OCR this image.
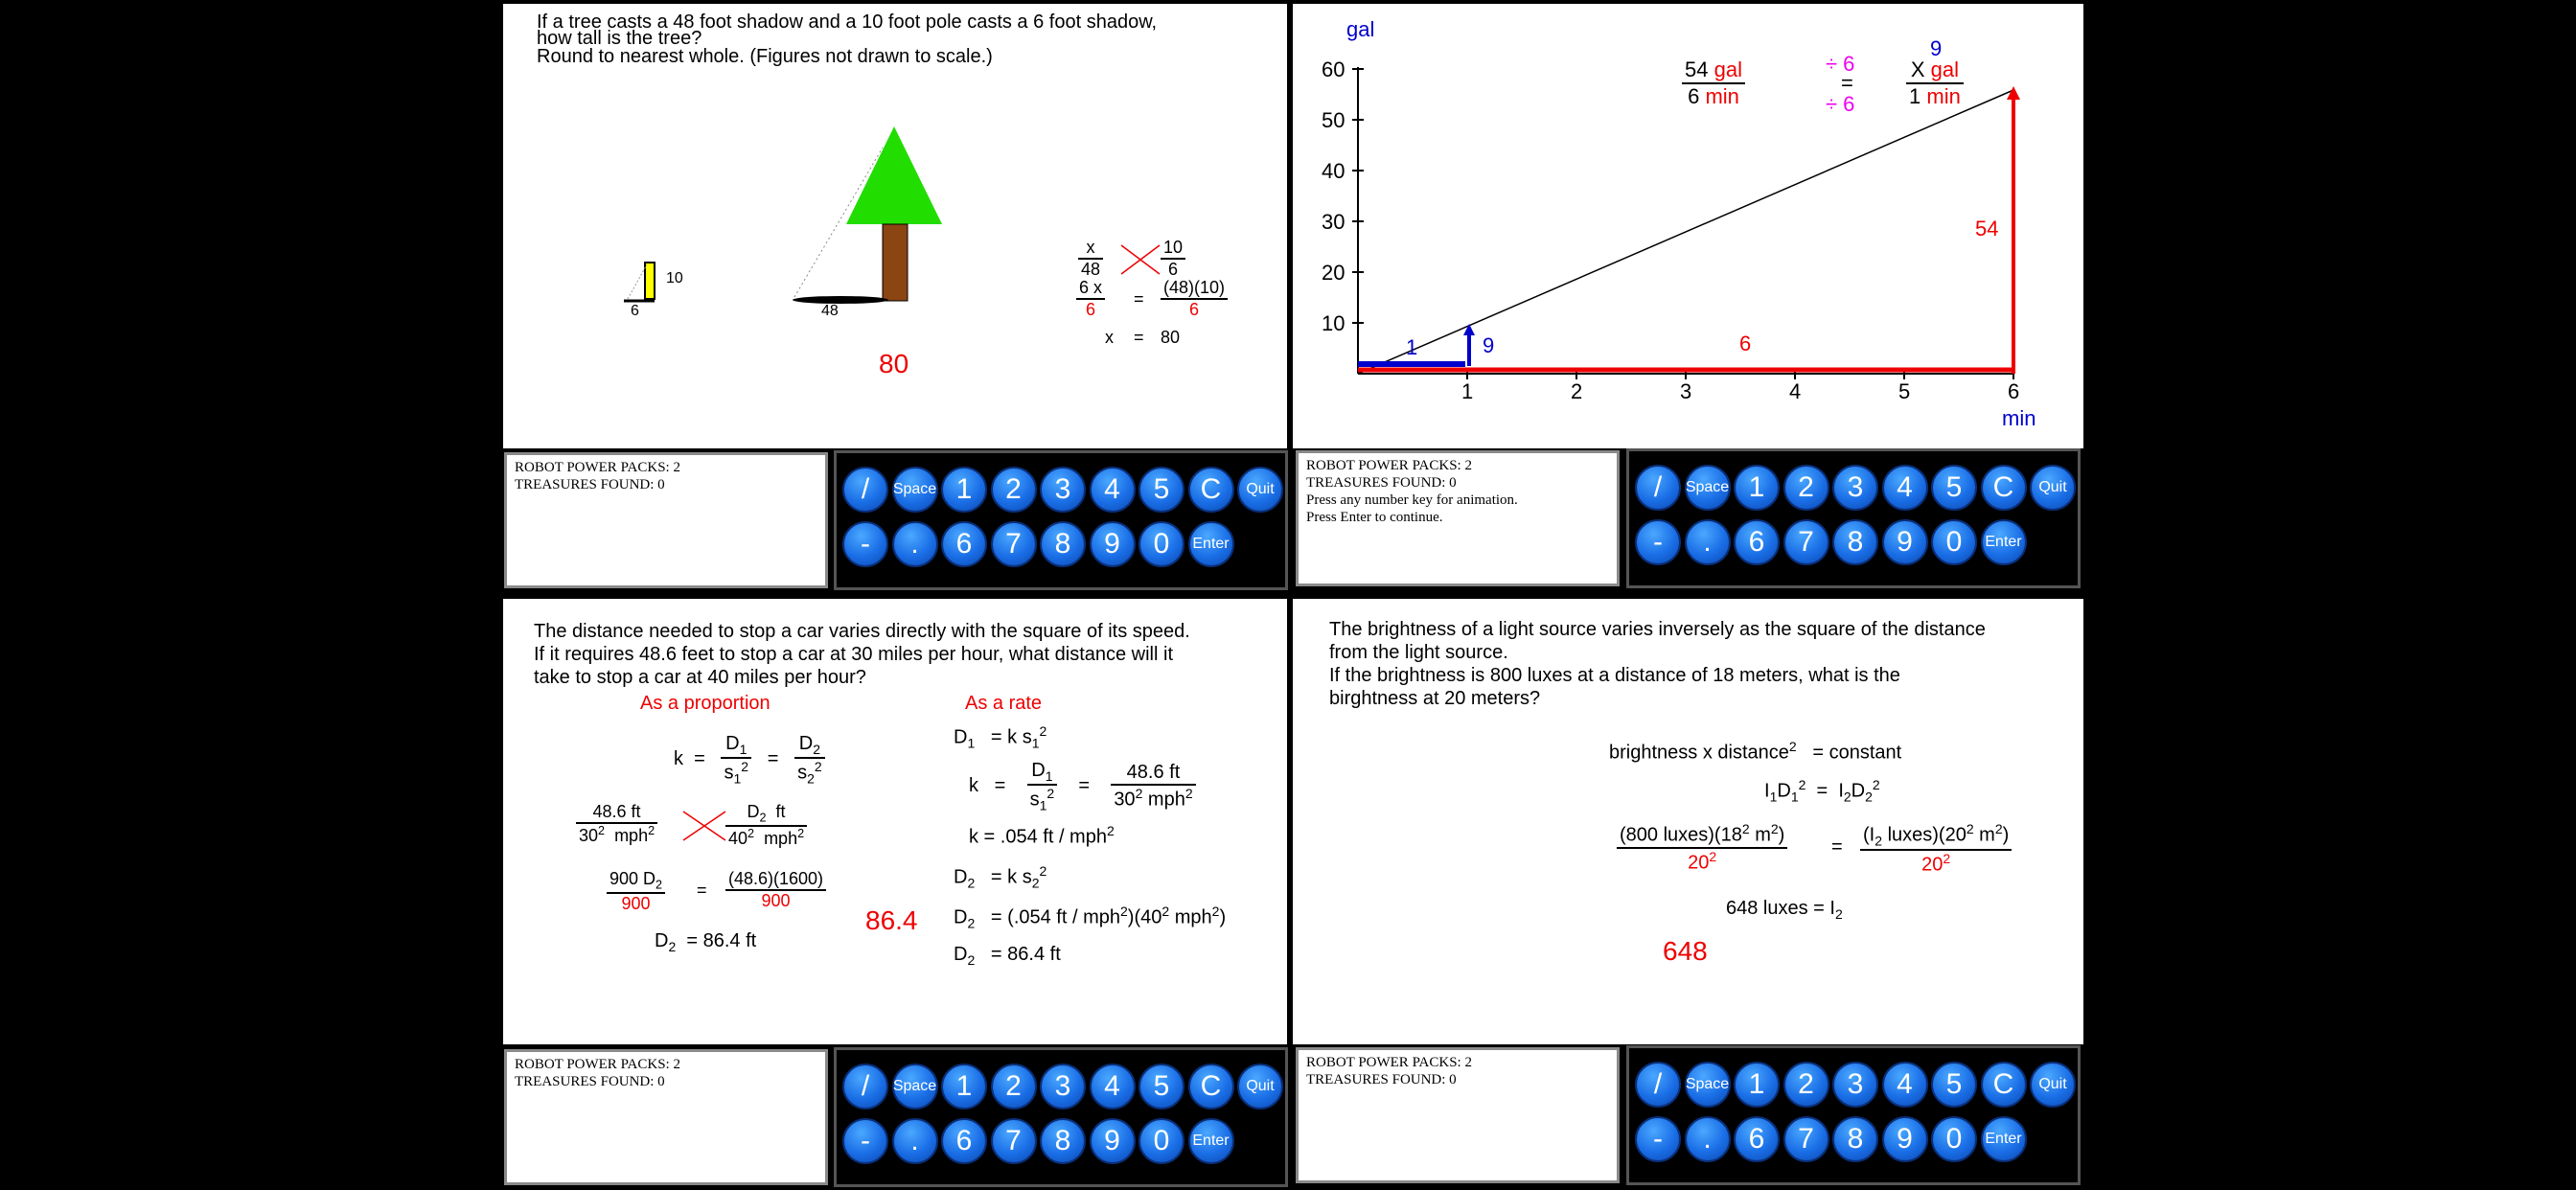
If a tree casts a 48 foot shadow and a 10 foot pole casts a 6 foot shadow,
how tall is the tree?
Round to nearest whole. (Figures not drawn to scale.)
10
6	48
$\frac{x}{48}$	$\frac{10}{6}$
$\frac{6 x}{6} = \frac{(48)(10)}{6}$
x = 80
80
gal
60
50
40
30
20
10
1	2	3	4	5	6
min
$\frac{\text{54 gal}}{6 \min}$	÷ 6
=
÷ 6
9
$\frac{\text{X gal}}{1 \min}$
54
6
1	9
The distance needed to stop a car varies directly with the square of its speed.
If it requires 48.6 feet to stop a car at 30 miles per hour, what distance will it
take to stop a car at 40 miles per hour?
As a proportion	As a rate
$k = \frac{D_1}{s_1^2} = \frac{D_2}{s_2^2}$
$\frac{48.6 ft}{30^2 mph^2}$	$\frac{D_2 ft}{40^2 mph^2}$
$\frac{900 D_2}{900} = \frac{(48.6)(1600)}{900}$
$D_2 = 86.4$ ft
86.4
$D_1 = k$ $s_1^2$
$k = \frac{D_1}{s_1^2} = \frac{48.6 ft}{30^2 mph^2}$
k = .054 ft / mph$^2$
$D_2 = k$ $s_2^2$
$D_2 = (.054$ ft / $mph^2)(40^2$ mph$^2$)
$D_2 = 86.4$ ft
The brightness of a light source varies inversely as the square of the distance
from the light source.
If the brightness is 800 luxes at a distance of 18 meters, what is the
birghtness at 20 meters?
brightness x distance$^2$ = constant
$I_1D_1^2 = I_2D_2^2$
$\frac{(800 luxes)(18^2 m^2)}{20^2} = \frac{(I_2 luxes)(20^2 m^2)}{20^2}$
648 luxes = $I_2$
648
ROBOT POWER PACKS: 2
TREASURES FOUND: 0
ROBOT POWER PACKS: 2
TREASURES FOUND: 0
Press any number key for animation.
Press Enter to continue.
ROBOT POWER PACKS: 2
TREASURES FOUND: 0
ROBOT POWER PACKS: 2
TREASURES FOUND: 0
/	Space 1	2	3	4	5	C	Quit
-	.	6	7	8	9	0	Enter
/	Space 1	2	3	4	5	C	Quit
-	.	6	7	8	9	0	Enter
/	Space 1	2	3	4	5	C	Quit
-	.	6	7	8	9	0	Enter
/	Space 1	2	3	4	5	C	Quit
-	.	6	7	8	9	0	Enter
